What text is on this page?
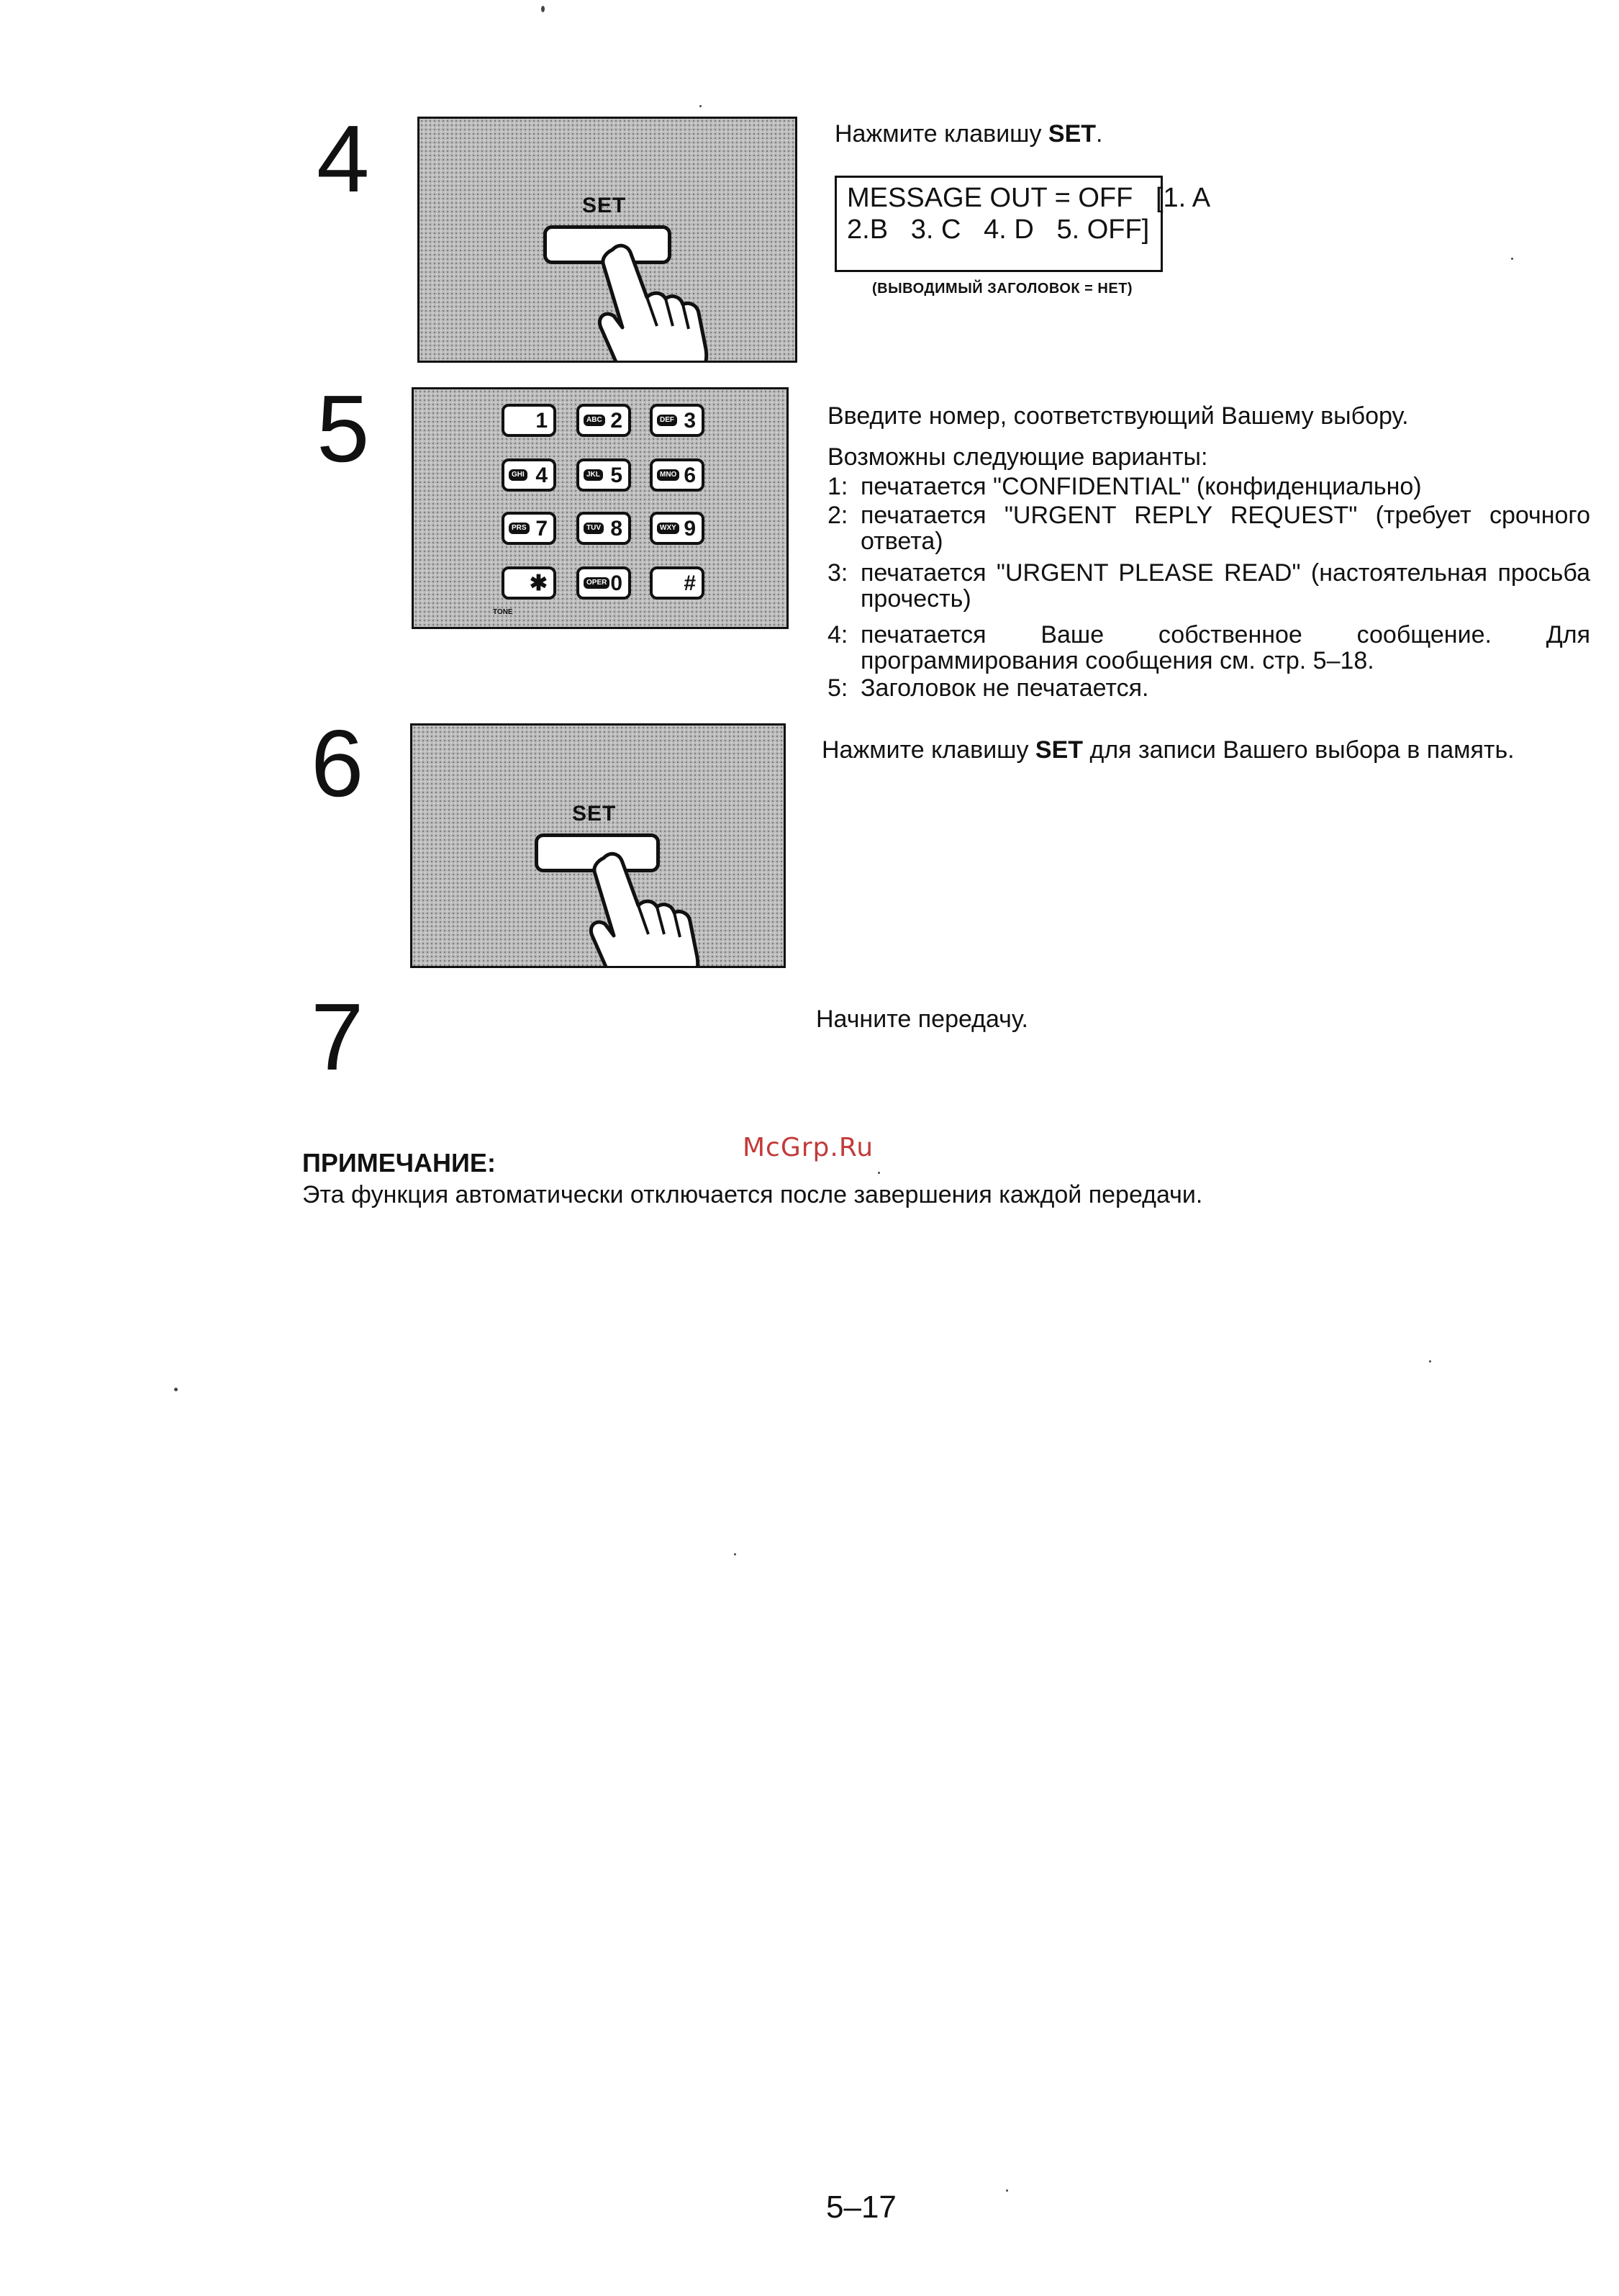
4
5
6
7
SET
Нажмите клавишу SET.
MESSAGE OUT = OFF   [1. A
2.B   3. C   4. D   5. OFF]
(ВЫВОДИМЫЙ ЗАГОЛОВОК = НЕТ)
1	ABC 2	DEF 3
GHI 4	JKL 5	MNO 6
PRS 7	TUV 8	WXY 9
✱	OPER 0	#
TONE
Введите номер, соответствующий Вашему выбору.
Возможны следующие варианты:
1: печатается "CONFIDENTIAL" (конфиденциально)
2: печатается "URGENT REPLY REQUEST" (требует срочного
ответа)
3: печатается "URGENT PLEASE READ" (настоятельная просьба
прочесть)
4: печатается Ваше собственное сообщение. Для
программирования сообщения см. стр. 5–18.
5: Заголовок не печатается.
SET
Нажмите клавишу SET для записи Вашего выбора в память.
Начните передачу.
McGrp.Ru
ПРИМЕЧАНИЕ:
Эта функция автоматически отключается после завершения каждой передачи.
5–17
